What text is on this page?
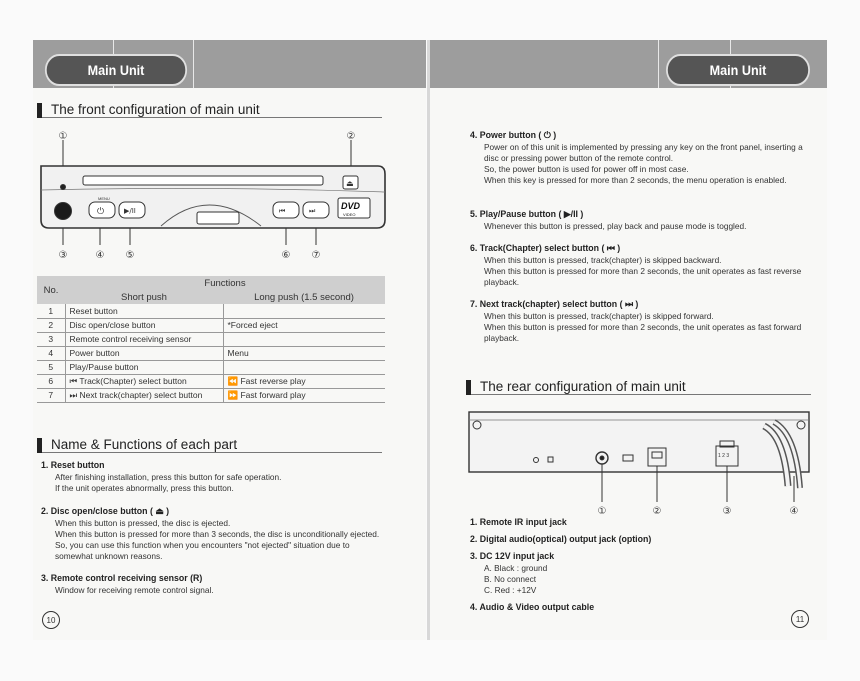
Main Unit
The front configuration of main unit
MENU
⏻	▶/II	⏮	⏭
⏏
DVD
VIDEO
①	②
③	④ ⑤	⑥ ⑦
No.	Functions	
	Short push	Long push (1.5 second)
1	Reset button	
2	Disc open/close button	*Forced eject
3	Remote control receiving sensor	
4	Power button	Menu
5	Play/Pause button	
6	⏮ Track(Chapter) select button	⏪ Fast reverse play
7	⏭ Next track(chapter) select button	⏩ Fast forward play
Name & Functions of each part
1. Reset button
After finishing installation, press this button for safe operation.
If the unit operates abnormally, press this button.
2. Disc open/close button ( ⏏ )
When this button is pressed, the disc is ejected.
When this button is pressed for more than 3 seconds, the disc is unconditionally ejected. So, you can use this function when you encounters "not ejected" situation due to somewhat unknown reasons.
3. Remote control receiving sensor (R)
Window for receiving remote control signal.
10
Main Unit
4. Power button ( ⏻ )
Power on of this unit is implemented by pressing any key on the front panel, inserting a disc or pressing power button of the remote control.
So, the power button is used for power off in most case.
When this key is pressed for more than 2 seconds, the menu operation is enabled.
5. Play/Pause button ( ▶/II )
Whenever this button is pressed, play back and pause mode is toggled.
6. Track(Chapter) select button ( ⏮ )
When this button is pressed, track(chapter) is skipped backward.
When this button is pressed for more than 2 seconds, the unit operates as fast reverse playback.
7. Next track(chapter) select button ( ⏭ )
When this button is pressed, track(chapter) is skipped forward.
When this button is pressed for more than 2 seconds, the unit operates as fast forward playback.
The rear configuration of main unit
1 2 3
①	②	③	④
1. Remote IR input jack
2. Digital audio(optical) output jack (option)
3. DC 12V input jack
A. Black : ground
B. No connect
C. Red : +12V
4. Audio & Video output cable
11
